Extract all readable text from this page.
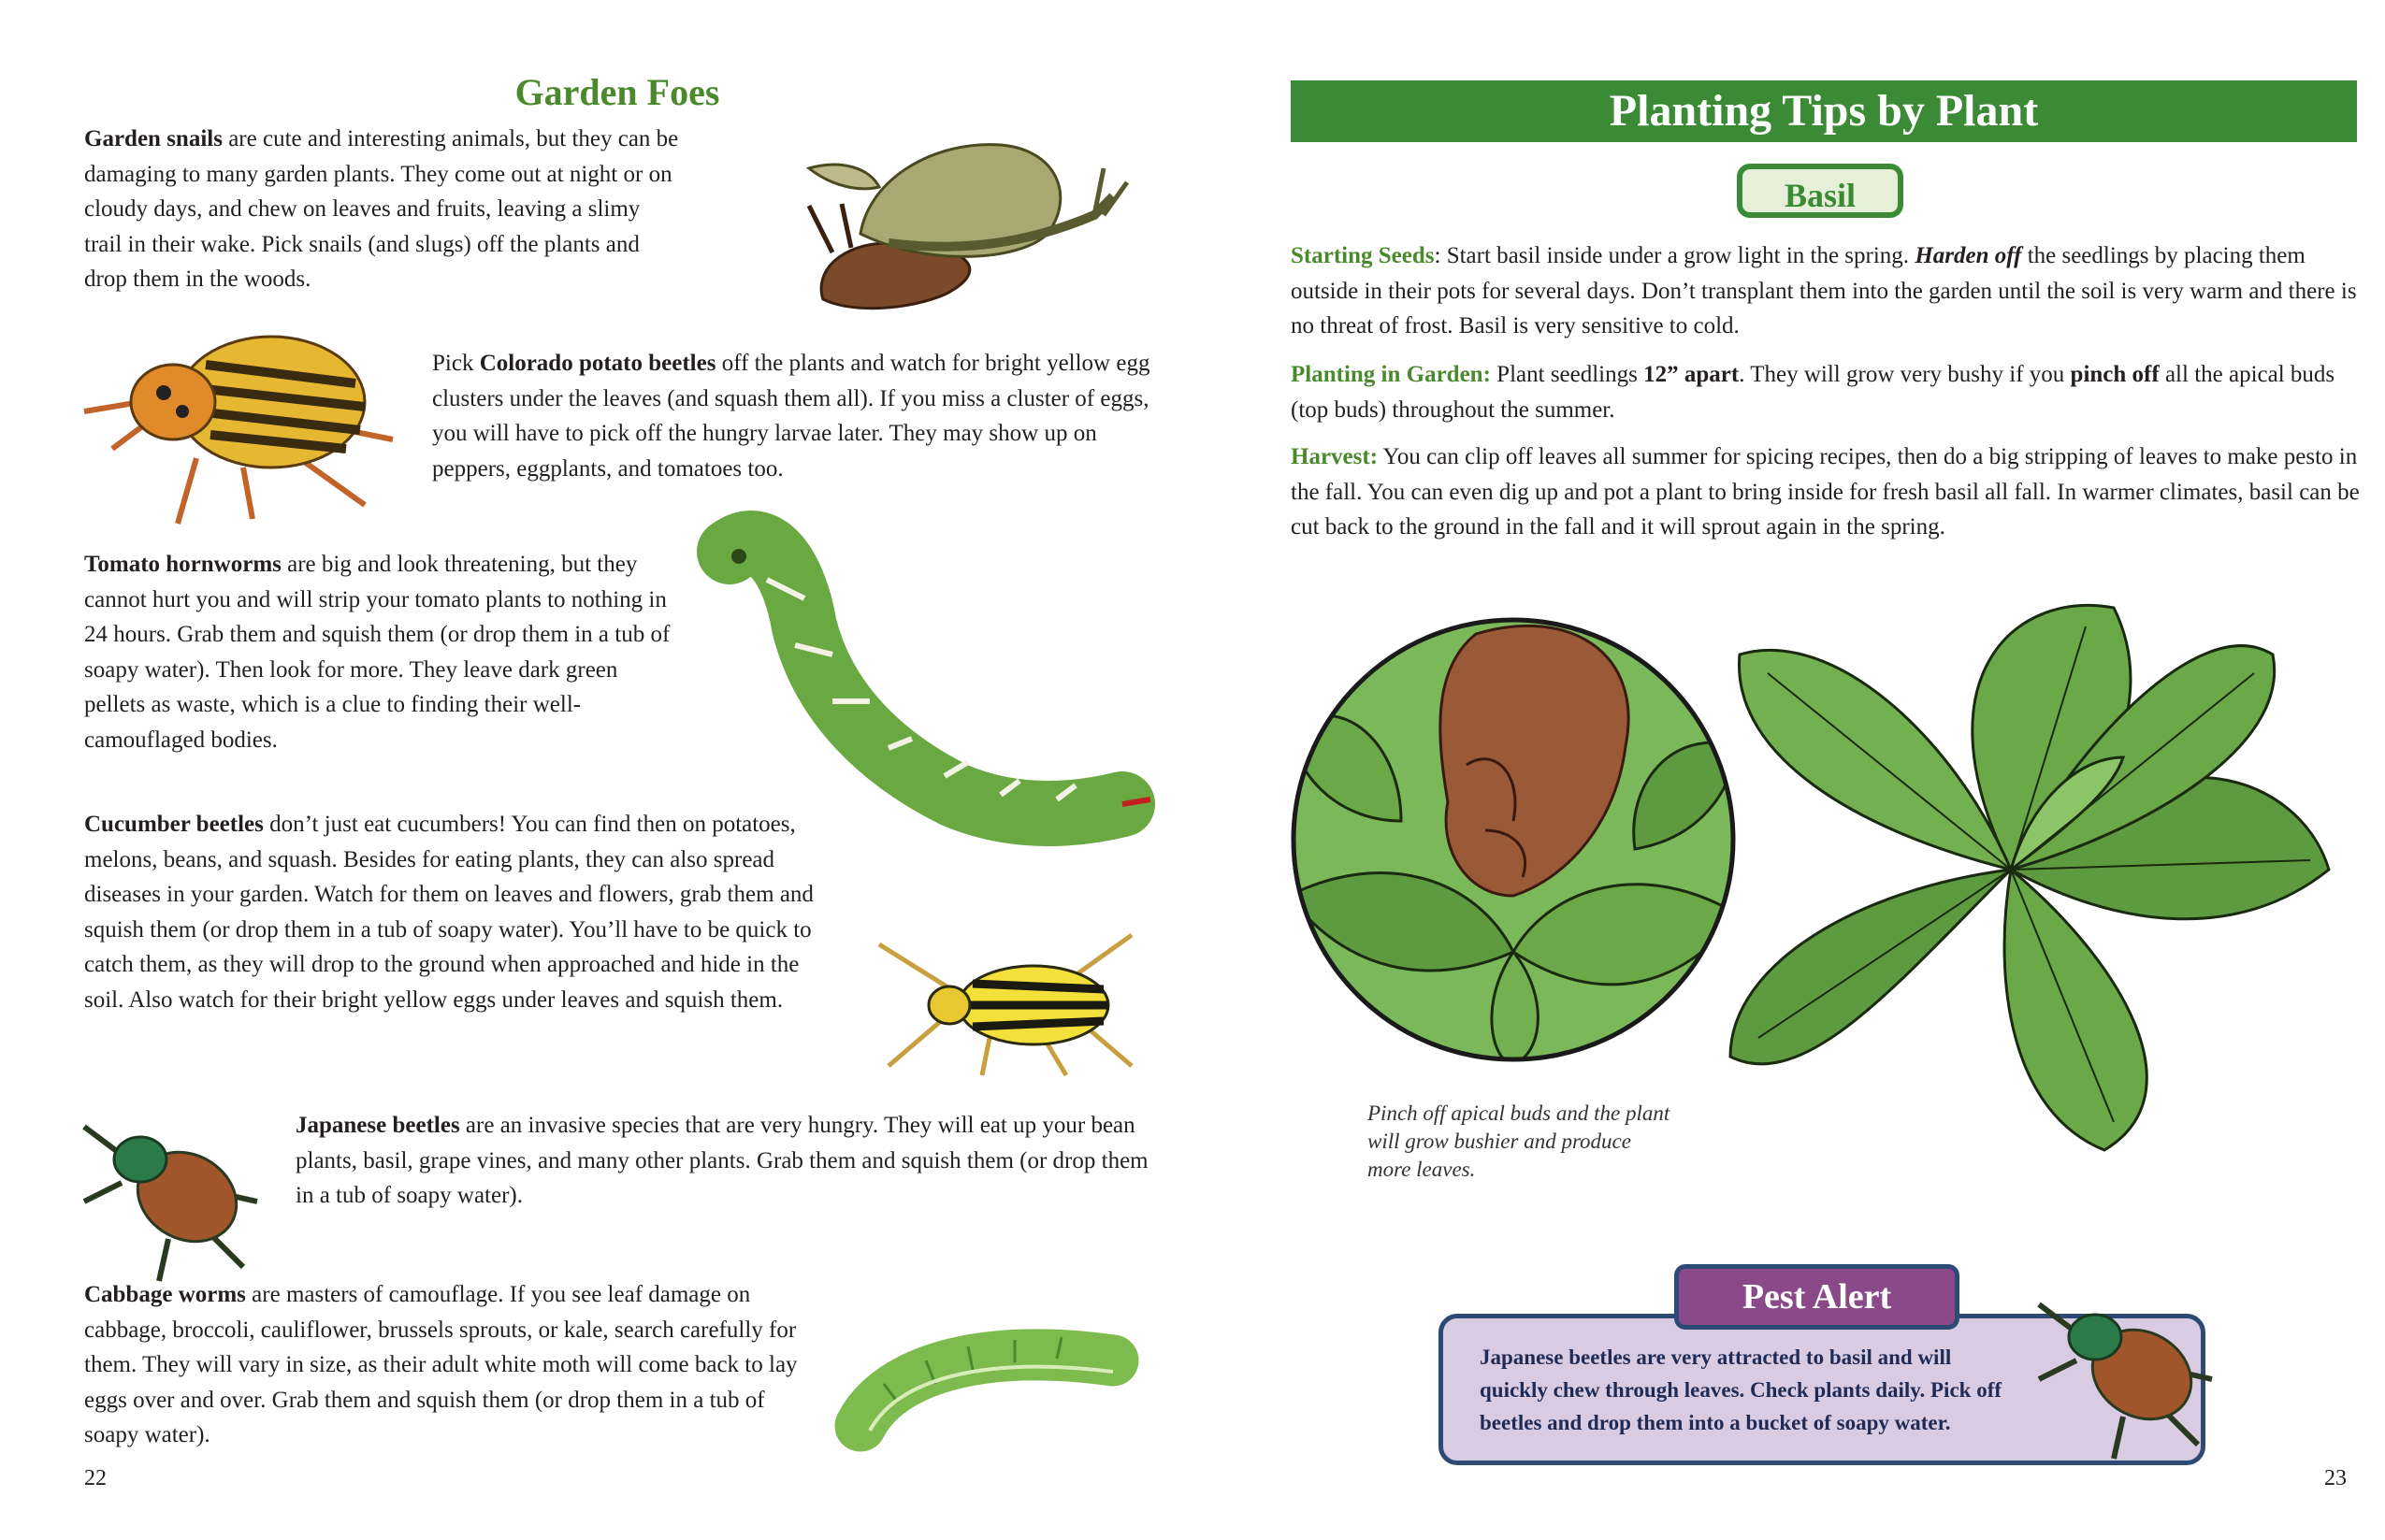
Garden Foes

Garden snails are cute and interesting animals, but they can be damaging to many garden plants. They come out at night or on cloudy days, and chew on leaves and fruits, leaving a slimy trail in their wake. Pick snails (and slugs) off the plants and drop them in the woods.

Pick Colorado potato beetles off the plants and watch for bright yellow egg clusters under the leaves (and squash them all). If you miss a cluster of eggs, you will have to pick off the hungry larvae later. They may show up on peppers, eggplants, and tomatoes too.

Tomato hornworms are big and look threatening, but they cannot hurt you and will strip your tomato plants to nothing in 24 hours. Grab them and squish them (or drop them in a tub of soapy water). Then look for more. They leave dark green pellets as waste, which is a clue to finding their well-camouflaged bodies.

Cucumber beetles don’t just eat cucumbers! You can find then on potatoes, melons, beans, and squash. Besides for eating plants, they can also spread diseases in your garden. Watch for them on leaves and flowers, grab them and squish them (or drop them in a tub of soapy water). You’ll have to be quick to catch them, as they will drop to the ground when approached and hide in the soil. Also watch for their bright yellow eggs under leaves and squish them.

Japanese beetles are an invasive species that are very hungry. They will eat up your bean plants, basil, grape vines, and many other plants. Grab them and squish them (or drop them in a tub of soapy water).

Cabbage worms are masters of camouflage. If you see leaf damage on cabbage, broccoli, cauliflower, brussels sprouts, or kale, search carefully for them. They will vary in size, as their adult white moth will come back to lay eggs over and over. Grab them and squish them (or drop them in a tub of soapy water).

22	23
Planting Tips by Plant
Basil

Starting Seeds: Start basil inside under a grow light in the spring. Harden off the seedlings by placing them outside in their pots for several days. Don’t transplant them into the garden until the soil is very warm and there is no threat of frost. Basil is very sensitive to cold.

Planting in Garden: Plant seedlings 12” apart. They will grow very bushy if you pinch off all the apical buds (top buds) throughout the summer.

Harvest: You can clip off leaves all summer for spicing recipes, then do a big stripping of leaves to make pesto in the fall. You can even dig up and pot a plant to bring inside for fresh basil all fall. In warmer climates, basil can be cut back to the ground in the fall and it will sprout again in the spring.

Pinch off apical buds and the plant will grow bushier and produce more leaves.
Pest Alert
Japanese beetles are very attracted to basil and will quickly chew through leaves. Check plants daily. Pick off beetles and drop them into a bucket of soapy water.
